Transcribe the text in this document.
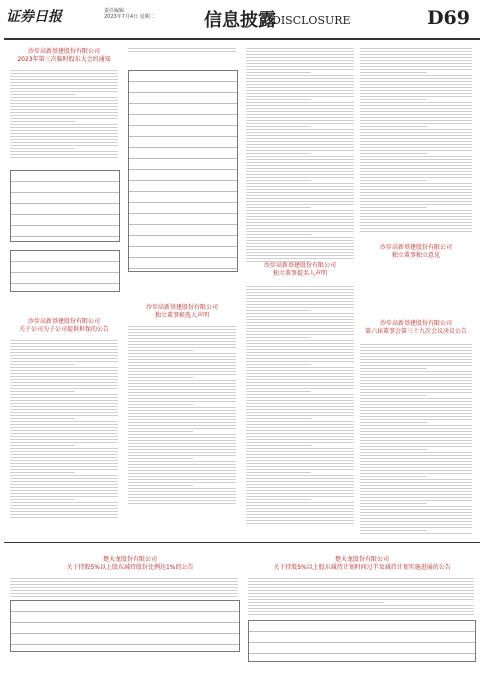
证券日报	责任编辑
2023年7月4日 星期二	信息披露
DISCLOSURE	D69
沙步高新基建股份有限公司
2023年第三次临时股东大会的通知
沙步高新基建股份有限公司
关于公司为子公司提供担保的公告
沙步高新基建股份有限公司
独立董事候选人声明
沙步高新基建股份有限公司
独立董事提名人声明
沙步高新基建股份有限公司
独立董事独立意见
沙步高新基建股份有限公司
第六届董事会第三十九次会议决议公告
楚天龙股份有限公司
关于持股5%以上股东减持股份比例达1%的公告
楚天龙股份有限公司
关于持股5%以上股东减持计划时间过半及减持计划实施进展的公告
